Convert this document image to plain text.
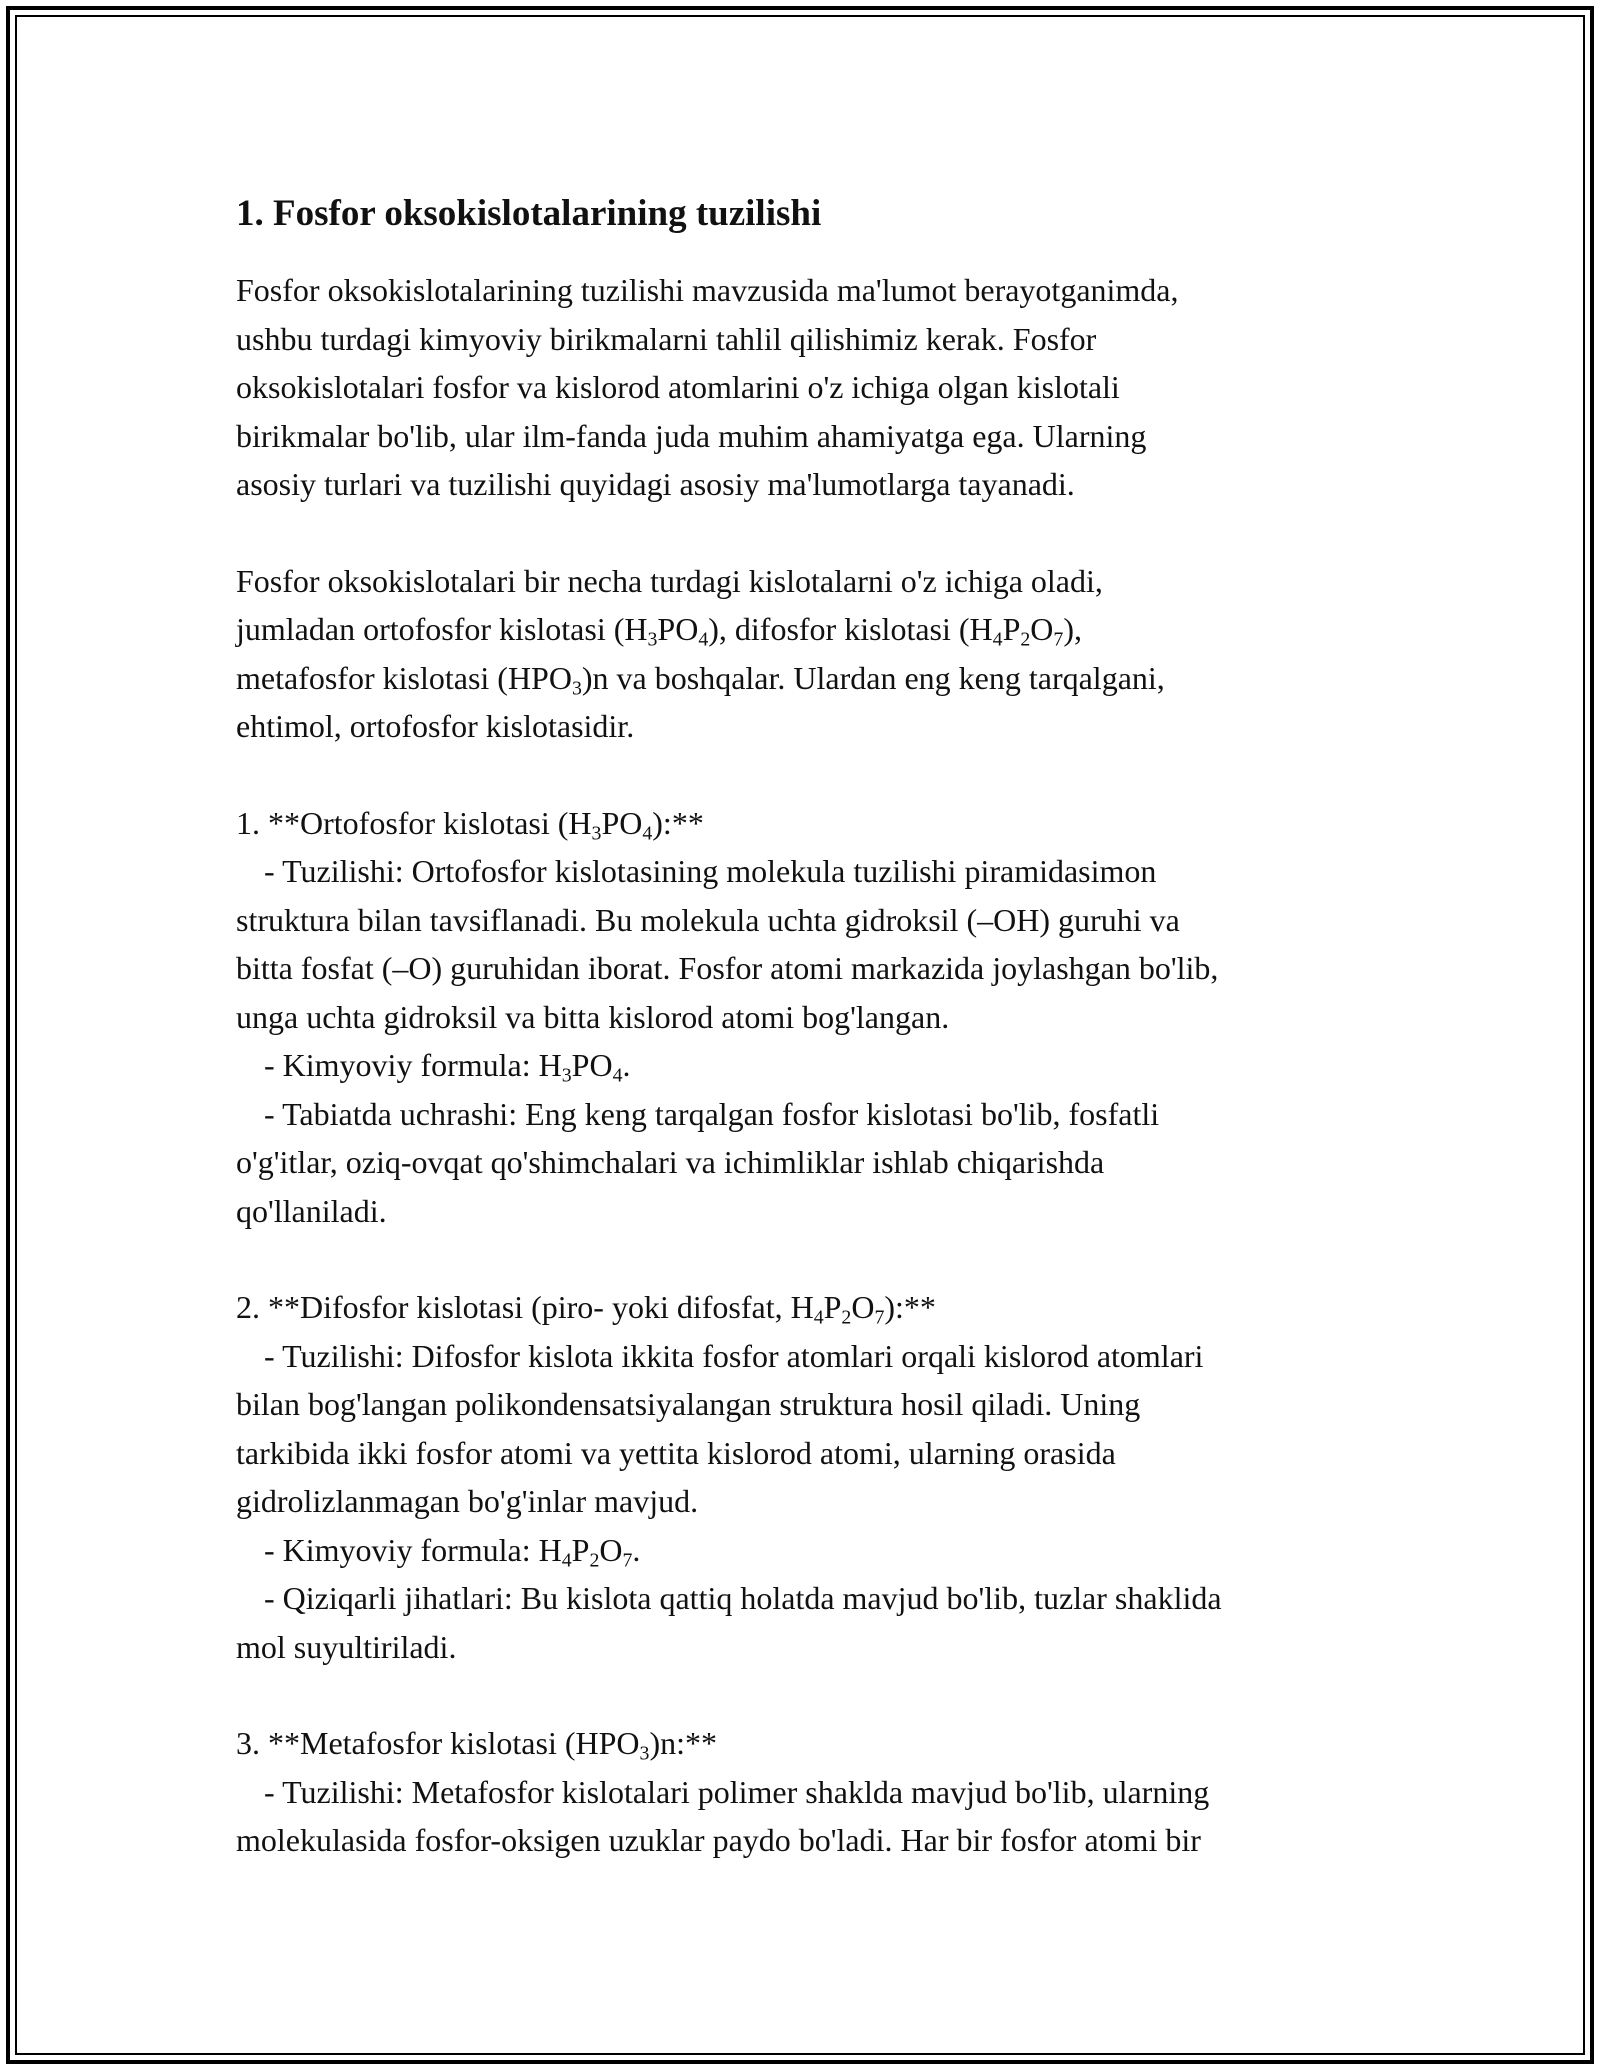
1. Fosfor oksokislotalarining tuzilishi

Fosfor oksokislotalarining tuzilishi mavzusida ma'lumot berayotganimda,

ushbu turdagi kimyoviy birikmalarni tahlil qilishimiz kerak. Fosfor

oksokislotalari fosfor va kislorod atomlarini o'z ichiga olgan kislotali

birikmalar bo'lib, ular ilm-fanda juda muhim ahamiyatga ega. Ularning

asosiy turlari va tuzilishi quyidagi asosiy ma'lumotlarga tayanadi.

Fosfor oksokislotalari bir necha turdagi kislotalarni o'z ichiga oladi,

jumladan ortofosfor kislotasi $(H_3PO_4)$, difosfor kislotasi $(H_4P_2O_7)$,

metafosfor kislotasi $(HPO_3)n$ va boshqalar. Ulardan eng keng tarqalgani,

ehtimol, ortofosfor kislotasidir.

1. **Ortofosfor kislotasi $(H_3PO_4):**$

- Tuzilishi: Ortofosfor kislotasining molekula tuzilishi piramidasimon

struktura bilan tavsiflanadi. Bu molekula uchta gidroksil (–OH) guruhi va

bitta fosfat (–O) guruhidan iborat. Fosfor atomi markazida joylashgan bo'lib,

unga uchta gidroksil va bitta kislorod atomi bog'langan.

- Kimyoviy formula: $H_3PO_4$.

- Tabiatda uchrashi: Eng keng tarqalgan fosfor kislotasi bo'lib, fosfatli

o'g'itlar, oziq-ovqat qo'shimchalari va ichimliklar ishlab chiqarishda

qo'llaniladi.

2. **Difosfor kislotasi (piro- yoki difosfat, $H_4P_2O_7):**$

- Tuzilishi: Difosfor kislota ikkita fosfor atomlari orqali kislorod atomlari

bilan bog'langan polikondensatsiyalangan struktura hosil qiladi. Uning

tarkibida ikki fosfor atomi va yettita kislorod atomi, ularning orasida

gidrolizlanmagan bo'g'inlar mavjud.

- Kimyoviy formula: $H_4P_2O_7$.

- Qiziqarli jihatlari: Bu kislota qattiq holatda mavjud bo'lib, tuzlar shaklida

mol suyultiriladi.

3. **Metafosfor kislotasi $(HPO_3)n:**$

- Tuzilishi: Metafosfor kislotalari polimer shaklda mavjud bo'lib, ularning

molekulasida fosfor-oksigen uzuklar paydo bo'ladi. Har bir fosfor atomi bir
